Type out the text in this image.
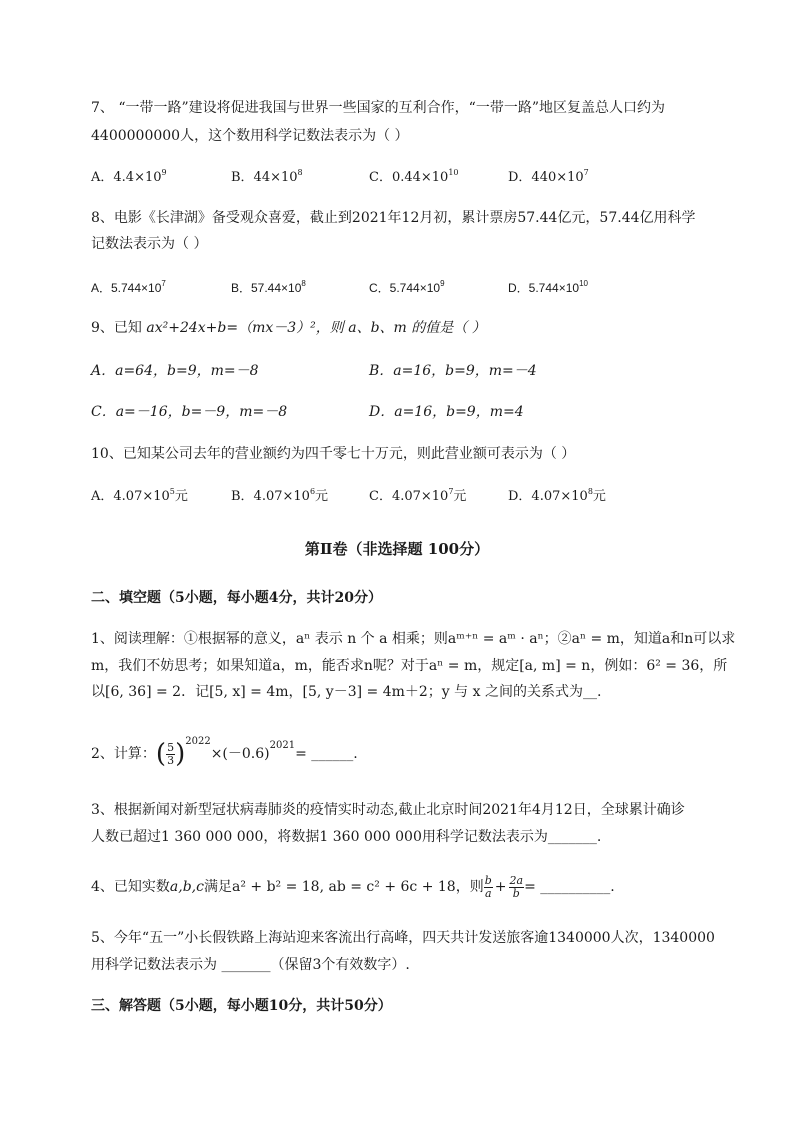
7、 “一带一路”建设将促进我国与世界一些国家的互利合作，“一带一路”地区复盖总人口约为
4400000000人，这个数用科学记数法表示为（ ）
A．$4.4\times 10^9$	B．$44\times 10^8$	C．$0.44\times 10^{10}$	D．$440\times 10^7$
8、电影《长津湖》备受观众喜爱，截止到2021年12月初，累计票房57.44亿元，57.44亿用科学
记数法表示为（ ）
A．$5.744\times 10^7$	B．$57.44\times 10^8$	C．$5.744\times 10^9$	D．$5.744\times 10^{10}$
9、已知 ax²+24x+b=（mx－3）²，则 a、b、m 的值是（ ）
A．a=64，b=9，m=－8	B．a=16，b=9，m=－4
C．a=－16，b=－9，m=－8	D．a=16，b=9，m=4
10、已知某公司去年的营业额约为四千零七十万元，则此营业额可表示为（ ）
A．$4.07\times 10^5$元	B．$4.07\times 10^6$元	C．$4.07\times 10^7$元	D．$4.07\times 10^8$元
第Ⅱ卷（非选择题 100分）
二、填空题（5小题，每小题4分，共计20分）
1、阅读理解：①根据幂的意义，aⁿ 表示 n 个 a 相乘；则aᵐ⁺ⁿ = aᵐ · aⁿ；②aⁿ = m，知道a和n可以求
m，我们不妨思考；如果知道a，m，能否求n呢？对于aⁿ = m，规定[a, m] = n，例如：6² = 36，所
以[6, 36] = 2．记[5, x] = 4m，[5, y－3] = 4m＋2；y 与 x 之间的关系式为__.
2、计算：( $\frac{5}{3} )^{2022}\times(-0.6)^{2021}=$ ______.
3、根据新闻对新型冠状病毒肺炎的疫情实时动态,截止北京时间2021年4月12日，全球累计确诊
人数已超过1 360 000 000，将数据1 360 000 000用科学记数法表示为_______.
4、已知实数a,b,c满足a² + b² = 18, ab = c² + 6c + 18，则 $\frac{b}{a} + \frac{2a}{b}$ = __________.
5、今年“五一”小长假铁路上海站迎来客流出行高峰，四天共计发送旅客逾1340000人次，1340000
用科学记数法表示为 _______（保留3个有效数字）.
三、解答题（5小题，每小题10分，共计50分）
